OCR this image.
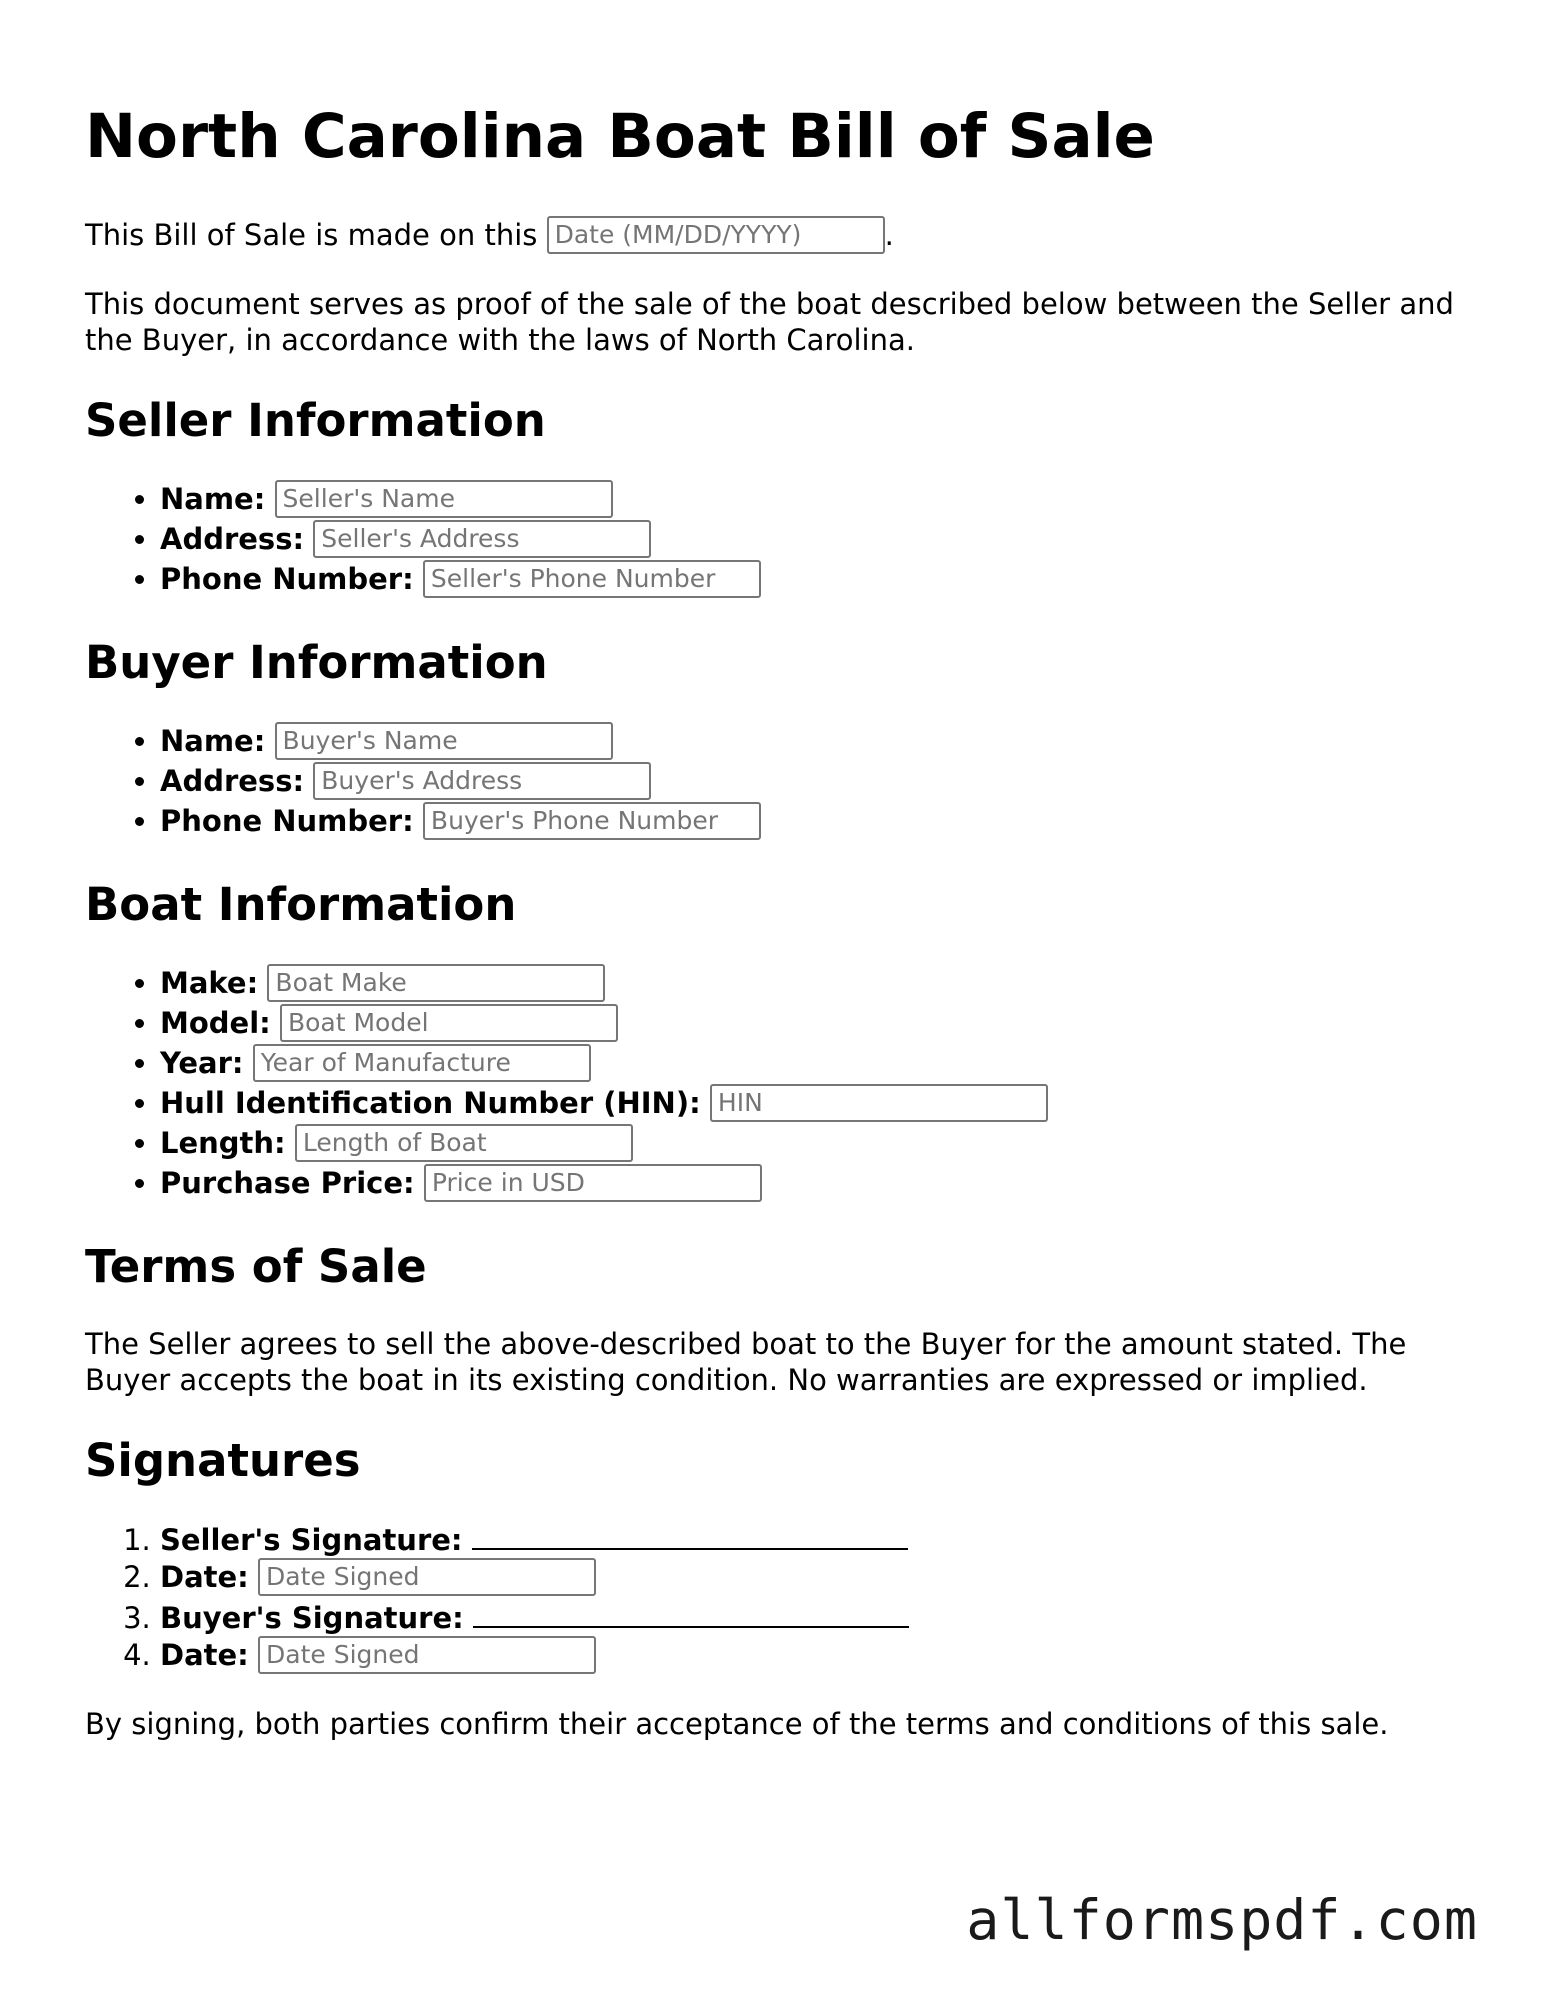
North Carolina Boat Bill of Sale

This Bill of Sale is made on this Date (MM/DD/YYYY)	.

This document serves as proof of the sale of the boat described below between the Seller and the Buyer, in accordance with the laws of North Carolina.

Seller Information
• Name: Seller's Name
• Address: Seller's Address
• Phone Number: Seller's Phone Number
Buyer Information
• Name: Buyer's Name
• Address: Buyer's Address
• Phone Number: Buyer's Phone Number
Boat Information
• Make: Boat Make
• Model: Boat Model
• Year: Year of Manufacture
• Hull Identification Number (HIN): HIN
• Length: Length of Boat
• Purchase Price: Price in USD
Terms of Sale

The Seller agrees to sell the above-described boat to the Buyer for the amount stated. The Buyer accepts the boat in its existing condition. No warranties are expressed or implied.

Signatures
1. Seller's Signature:
2. Date: Date Signed
3. Buyer's Signature:
4. Date: Date Signed

By signing, both parties confirm their acceptance of the terms and conditions of this sale.

allformspdf.com
